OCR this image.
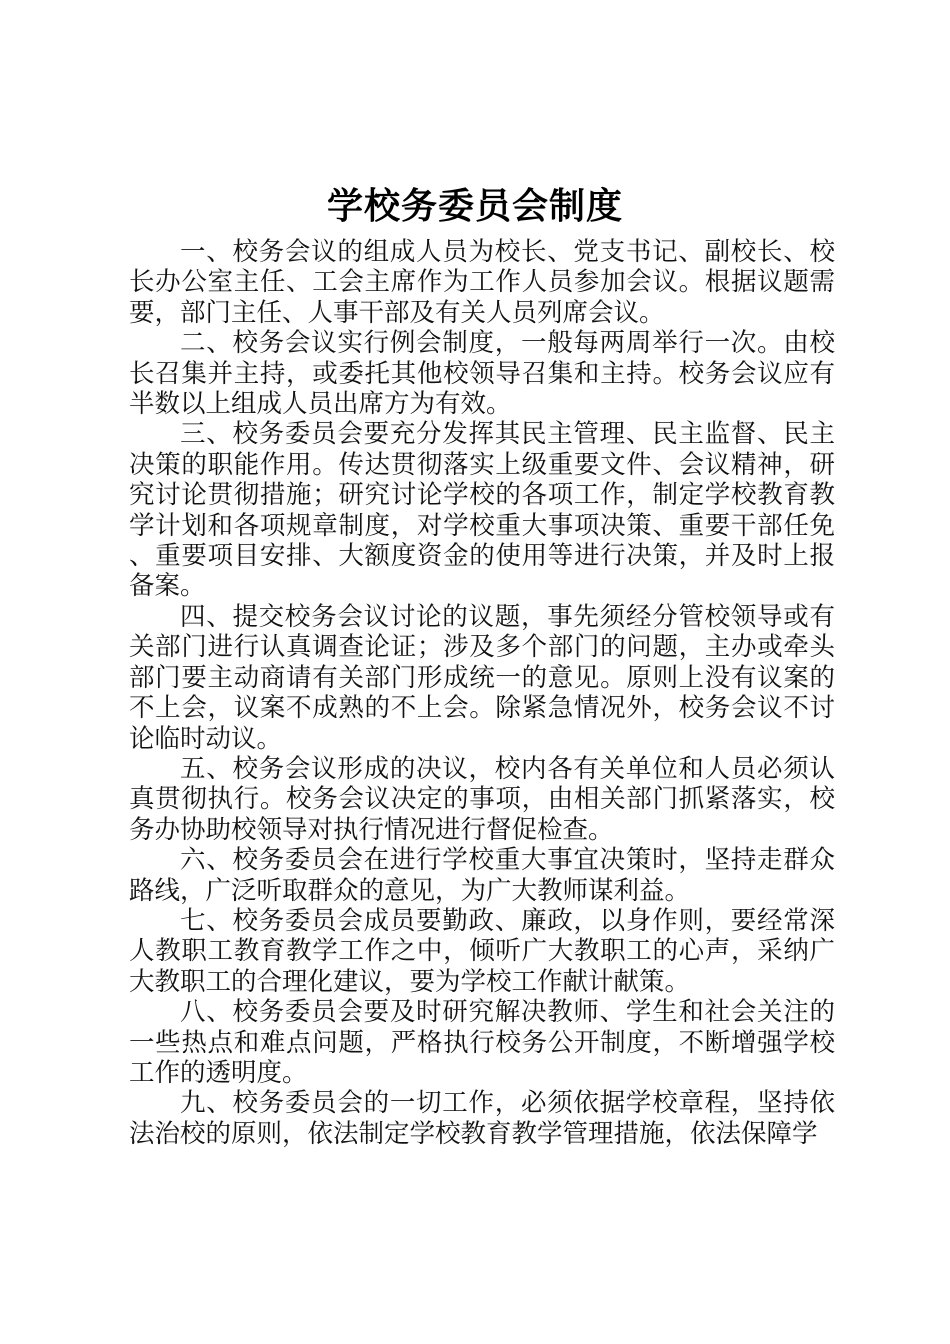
学校务委员会制度

一、校务会议的组成人员为校长、党支书记、副校长、校长办公室主任、工会主席作为工作人员参加会议。根据议题需要，部门主任、人事干部及有关人员列席会议。

二、校务会议实行例会制度，一般每两周举行一次。由校长召集并主持，或委托其他校领导召集和主持。校务会议应有半数以上组成人员出席方为有效。

三、校务委员会要充分发挥其民主管理、民主监督、民主决策的职能作用。传达贯彻落实上级重要文件、会议精神，研究讨论贯彻措施；研究讨论学校的各项工作，制定学校教育教学计划和各项规章制度，对学校重大事项决策、重要干部任免、重要项目安排、大额度资金的使用等进行决策，并及时上报备案。

四、提交校务会议讨论的议题，事先须经分管校领导或有关部门进行认真调查论证；涉及多个部门的问题，主办或牵头部门要主动商请有关部门形成统一的意见。原则上没有议案的不上会，议案不成熟的不上会。除紧急情况外，校务会议不讨论临时动议。

五、校务会议形成的决议，校内各有关单位和人员必须认真贯彻执行。校务会议决定的事项，由相关部门抓紧落实，校务办协助校领导对执行情况进行督促检查。

六、校务委员会在进行学校重大事宜决策时，坚持走群众路线，广泛听取群众的意见，为广大教师谋利益。

七、校务委员会成员要勤政、廉政，以身作则，要经常深人教职工教育教学工作之中，倾听广大教职工的心声，采纳广大教职工的合理化建议，要为学校工作献计献策。

八、校务委员会要及时研究解决教师、学生和社会关注的一些热点和难点问题，严格执行校务公开制度，不断增强学校工作的透明度。

九、校务委员会的一切工作，必须依据学校章程，坚持依法治校的原则，依法制定学校教育教学管理措施，依法保障学
